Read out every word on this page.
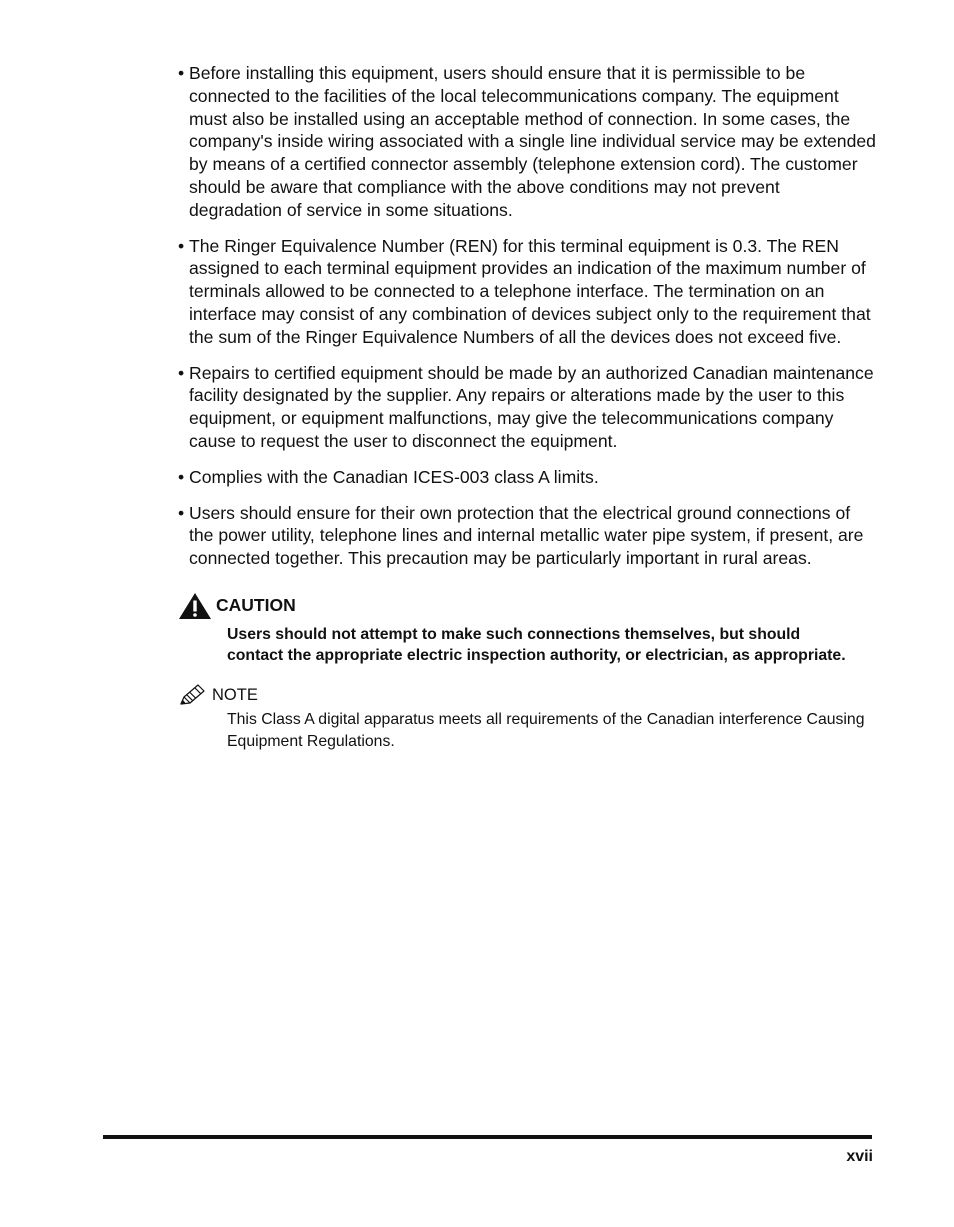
• Before installing this equipment, users should ensure that it is permissible to be connected to the facilities of the local telecommunications company. The equipment must also be installed using an acceptable method of connection. In some cases, the company's inside wiring associated with a single line individual service may be extended by means of a certified connector assembly (telephone extension cord). The customer should be aware that compliance with the above conditions may not prevent degradation of service in some situations.
• The Ringer Equivalence Number (REN) for this terminal equipment is 0.3. The REN assigned to each terminal equipment provides an indication of the maximum number of terminals allowed to be connected to a telephone interface. The termination on an interface may consist of any combination of devices subject only to the requirement that the sum of the Ringer Equivalence Numbers of all the devices does not exceed five.
• Repairs to certified equipment should be made by an authorized Canadian maintenance facility designated by the supplier. Any repairs or alterations made by the user to this equipment, or equipment malfunctions, may give the telecommunications company cause to request the user to disconnect the equipment.
• Complies with the Canadian ICES-003 class A limits.
• Users should ensure for their own protection that the electrical ground connections of the power utility, telephone lines and internal metallic water pipe system, if present, are connected together. This precaution may be particularly important in rural areas.
CAUTION
Users should not attempt to make such connections themselves, but should contact the appropriate electric inspection authority, or electrician, as appropriate.
NOTE
This Class A digital apparatus meets all requirements of the Canadian interference Causing Equipment Regulations.
xvii
